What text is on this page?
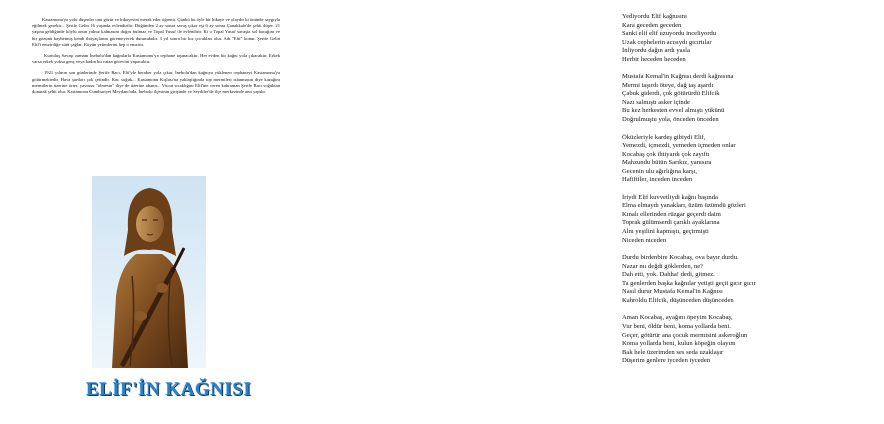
Kastamonu'ya yolu düşenler onu görür ve hikayesini merak eder öğrenir. Çünkü bu öyle bir hikaye ve olaydır ki önünde saygıyla eğilmek gerekir... Şerife Gelin 16 yaşında evlendirilir. Düğünden 2 ay sonra savaş çıkar eşi 6 ay sonra Çanakkale'de şehit düşer. 21 yaşına geldiğinde köylü onun yalnız kalmasını doğru bulmaz ve Topal Yusuf ile evlendirir. Ki o Topal Yusuf savaşta sol bacağını ve bir gözünü kaybetmiş kendi ihtiyaçlarını göremeyecek durumdadır. 3 yıl sonra bir kız çocukları olur. Adı "Elif" konur. Şerife Gelin Elif'i emzirdiğe sütü çağlar. Köyün yetimlerini hep o emzirir.

Kurtuluş Savaşı zamanı İnebolu'dan kağnılarla Kastamonu'ya cephane taşınacaktır. Her evden bir kağnı yola çıkacaktır. Erkek varsa erkek yoksa genç veya kadın bu vatan görevini yapacaktır.

1921 yılının son günlerinde Şerife Bacı, Elif'yle beraber yola çıkar. İnebolu'dan kağnıya yüklenen cephaneyi Kastamonu'ya götürmektedir. Hava şartları çok çetindir. Kar, soğuk... Kastamonu Kışlası'na yaklaştığında top mermileri ıslanmasın diye kazağını mermilerin üzerine örter, yavrusu "ölmesin" diye de üzerine abanır... Vücut sıcaklığını Elif'ine veren kahraman Şerife Bacı soğuktan donarak şehit olur. Kastamonu Cumhuriyet Meydanı'nda, İnebolu ilçesinin girişinde ve Seydiler'de ilçe merkezinde anıt yapılır.

ELİF'İN KAĞNISI
Yediyordu Elif kağnısını
Kara geceden geceden
Sanki elif elif uzuyordu inceliyordu
Uzak cephelerin acısıydı gıcırtılar
İnliyordu dağın ardı yasla
Herbir heceden heceden
Mustafa Kemal'in Kağnısı derdi kağnısına
Mermi taşırdı öteye, dağ taş aşardı
Çabuk giderdi, çok götürürdü Elifcik
Nazı salmıştı asker içinde
Bu kez herkesten evvel almıştı yükünü
Doğrulmuştu yola, önceden önceden
Öküzleriyle kardeş gibiydi Elif,
Yemezdi, içmezdi, yemeden içmeden onlar
Kocabaş çok ihtiyardı çok zayıftı
Mahzundu bütün Sarıkız, yanısıra
Gecenin ulu ağırlığına karşı,
Hafifti̇ler, inceden inceden
İriydi Elif kuvvetliydi kağnı başında
Elma elmaydı yanakları, üzüm üzümdü gözleri
Kınalı ellerinden rüzgar geçerdi daim
Toprak gülümserdi çarıklı ayaklarına
Alnı yeşilini kapmıştı, geçirmişti
Niceden niceden
Durdu birdenbire Kocabaş, ova bayır durdu.
Nazar mı değdi göklerden, ne?
Dah etti, yok. Dahha! dedi, gitmez.
Ta genlerden başka kağnılar yetişti geçti gıcır gıcır
Nasıl durur Mustafa Kemal'in Kağnısı
Kahroldu Elifcik, düşünceden düşünceden
Aman Kocabaş, ayağını öpeyim Kocabaş,
Vur beni, öldür beni, koma yollarda beni.
Geçer, götürür ana çocuk mermisini askeroğlun
Koma yollarda beni, kulun köpeğin olayım
Bak hele üzerimden ses seda uzaklaşır
Düşerim genlere iyceden iyceden
